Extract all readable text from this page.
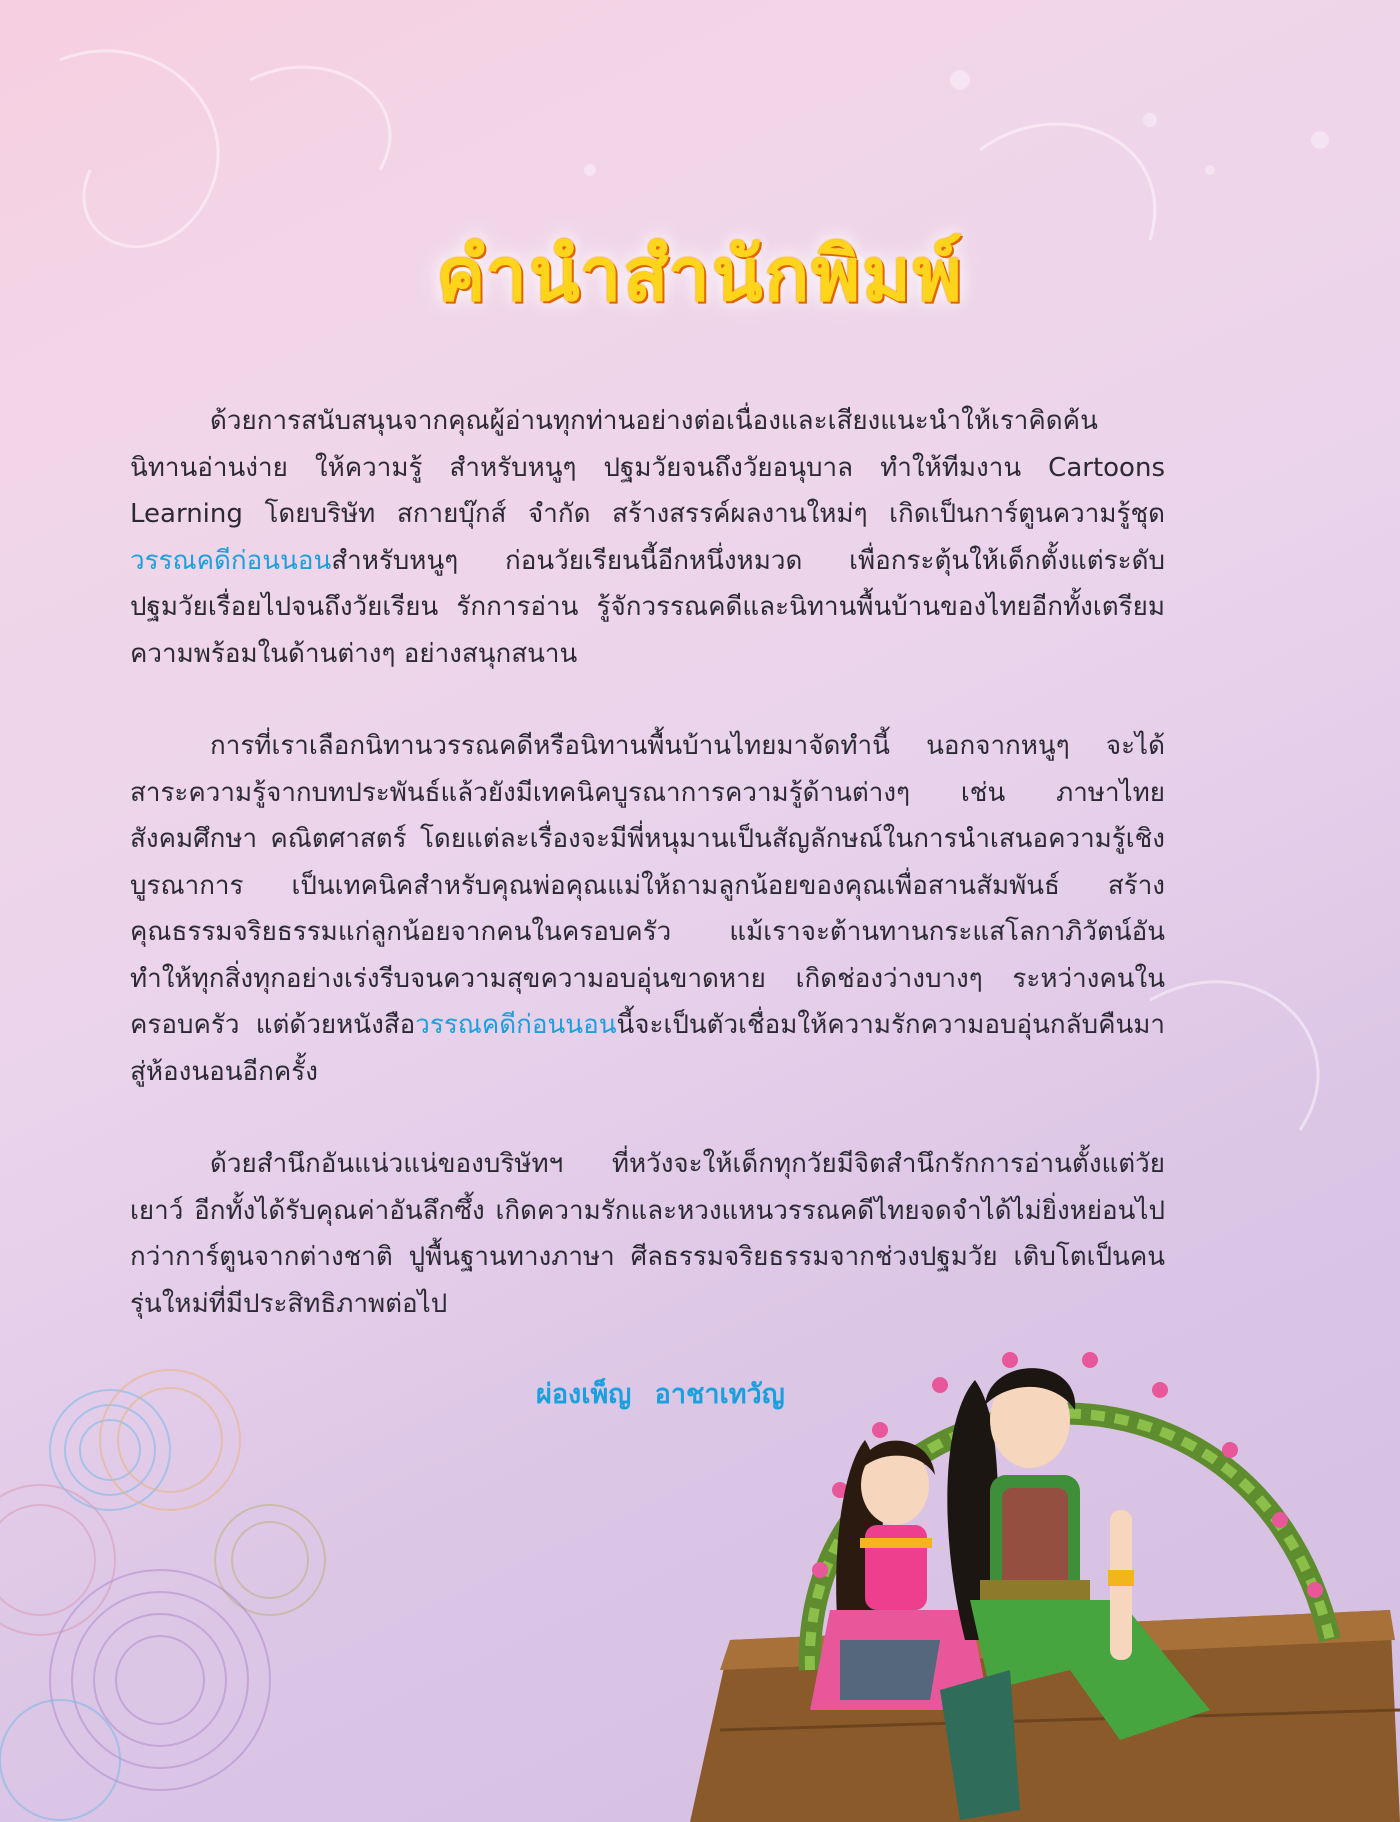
คำนำสำนักพิมพ์

ด้วยการสนับสนุนจากคุณผู้อ่านทุกท่านอย่างต่อเนื่องและเสียงแนะนำให้เราคิดค้นนิทานอ่านง่าย ให้ความรู้ สำหรับหนูๆ ปฐมวัยจนถึงวัยอนุบาล ทำให้ทีมงาน Cartoons Learning โดยบริษัท สกายบุ๊กส์ จำกัด สร้างสรรค์ผลงานใหม่ๆ เกิดเป็นการ์ตูนความรู้ชุดวรรณคดีก่อนนอนสำหรับหนูๆ ก่อนวัยเรียนนี้อีกหนึ่งหมวด เพื่อกระตุ้นให้เด็กตั้งแต่ระดับปฐมวัยเรื่อยไปจนถึงวัยเรียน รักการอ่าน รู้จักวรรณคดีและนิทานพื้นบ้านของไทยอีกทั้งเตรียมความพร้อมในด้านต่างๆ อย่างสนุกสนาน

การที่เราเลือกนิทานวรรณคดีหรือนิทานพื้นบ้านไทยมาจัดทำนี้ นอกจากหนูๆ จะได้สาระความรู้จากบทประพันธ์แล้วยังมีเทคนิคบูรณาการความรู้ด้านต่างๆ เช่น ภาษาไทย สังคมศึกษา คณิตศาสตร์ โดยแต่ละเรื่องจะมีพี่หนุมานเป็นสัญลักษณ์ในการนำเสนอความรู้เชิงบูรณาการ เป็นเทคนิคสำหรับคุณพ่อคุณแม่ให้ถามลูกน้อยของคุณเพื่อสานสัมพันธ์ สร้างคุณธรรมจริยธรรมแก่ลูกน้อยจากคนในครอบครัว แม้เราจะต้านทานกระแสโลกาภิวัตน์อันทำให้ทุกสิ่งทุกอย่างเร่งรีบจนความสุขความอบอุ่นขาดหาย เกิดช่องว่างบางๆ ระหว่างคนในครอบครัว แต่ด้วยหนังสือวรรณคดีก่อนนอนนี้จะเป็นตัวเชื่อมให้ความรักความอบอุ่นกลับคืนมาสู่ห้องนอนอีกครั้ง

ด้วยสำนึกอันแน่วแน่ของบริษัทฯ ที่หวังจะให้เด็กทุกวัยมีจิตสำนึกรักการอ่านตั้งแต่วัยเยาว์ อีกทั้งได้รับคุณค่าอันลึกซึ้ง เกิดความรักและหวงแหนวรรณคดีไทยจดจำได้ไม่ยิ่งหย่อนไปกว่าการ์ตูนจากต่างชาติ ปูพื้นฐานทางภาษา ศีลธรรมจริยธรรมจากช่วงปฐมวัย เติบโตเป็นคนรุ่นใหม่ที่มีประสิทธิภาพต่อไป

ผ่องเพ็ญ อาชาเทวัญ
